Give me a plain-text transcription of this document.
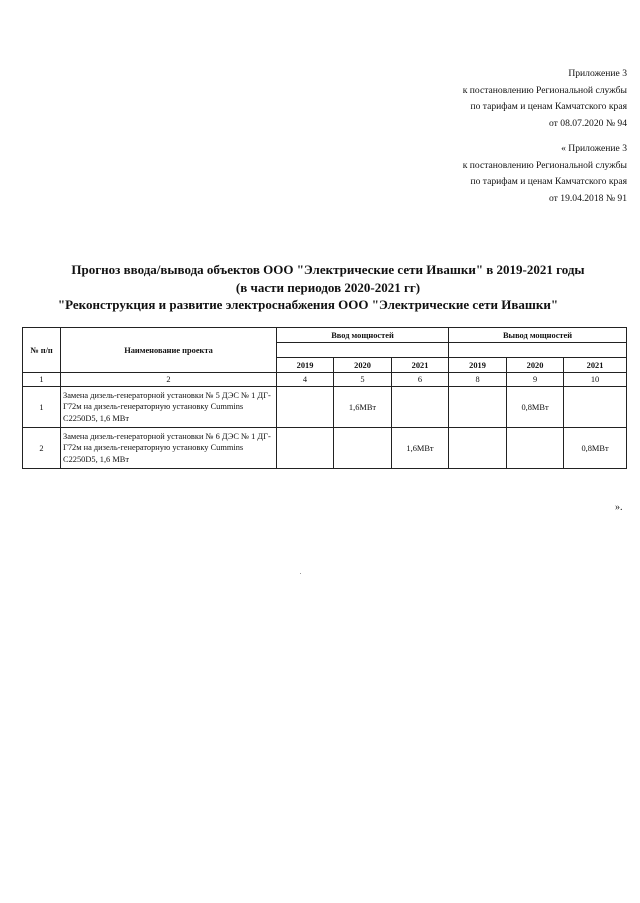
Приложение 3
к постановлению Региональной службы
по тарифам и ценам Камчатского края
от 08.07.2020 № 94
« Приложение 3
к постановлению Региональной службы
по тарифам и ценам Камчатского края
от 19.04.2018 № 91
Прогноз ввода/вывода объектов ООО "Электрические сети Ивашки" в 2019-2021 годы
(в части периодов 2020-2021 гг)
"Реконструкция и развитие электроснабжения ООО "Электрические сети Ивашки"
№ п/п	Наименование проекта	Ввод мощностей			Вывод мощностей		

		2019	2020	2021	2019	2020	2021
1	2	4	5	6	8	9	10
1	Замена дизель-генераторной установки № 5 ДЭС № 1 ДГ-Г72м на дизель-генераторную установку Cummins C2250D5, 1,6 МВт		1,6МВт			0,8МВт	
2	Замена дизель-генераторной установки № 6 ДЭС № 1 ДГ-Г72м на дизель-генераторную установку Cummins C2250D5, 1,6 МВт			1,6МВт			0,8МВт
».
